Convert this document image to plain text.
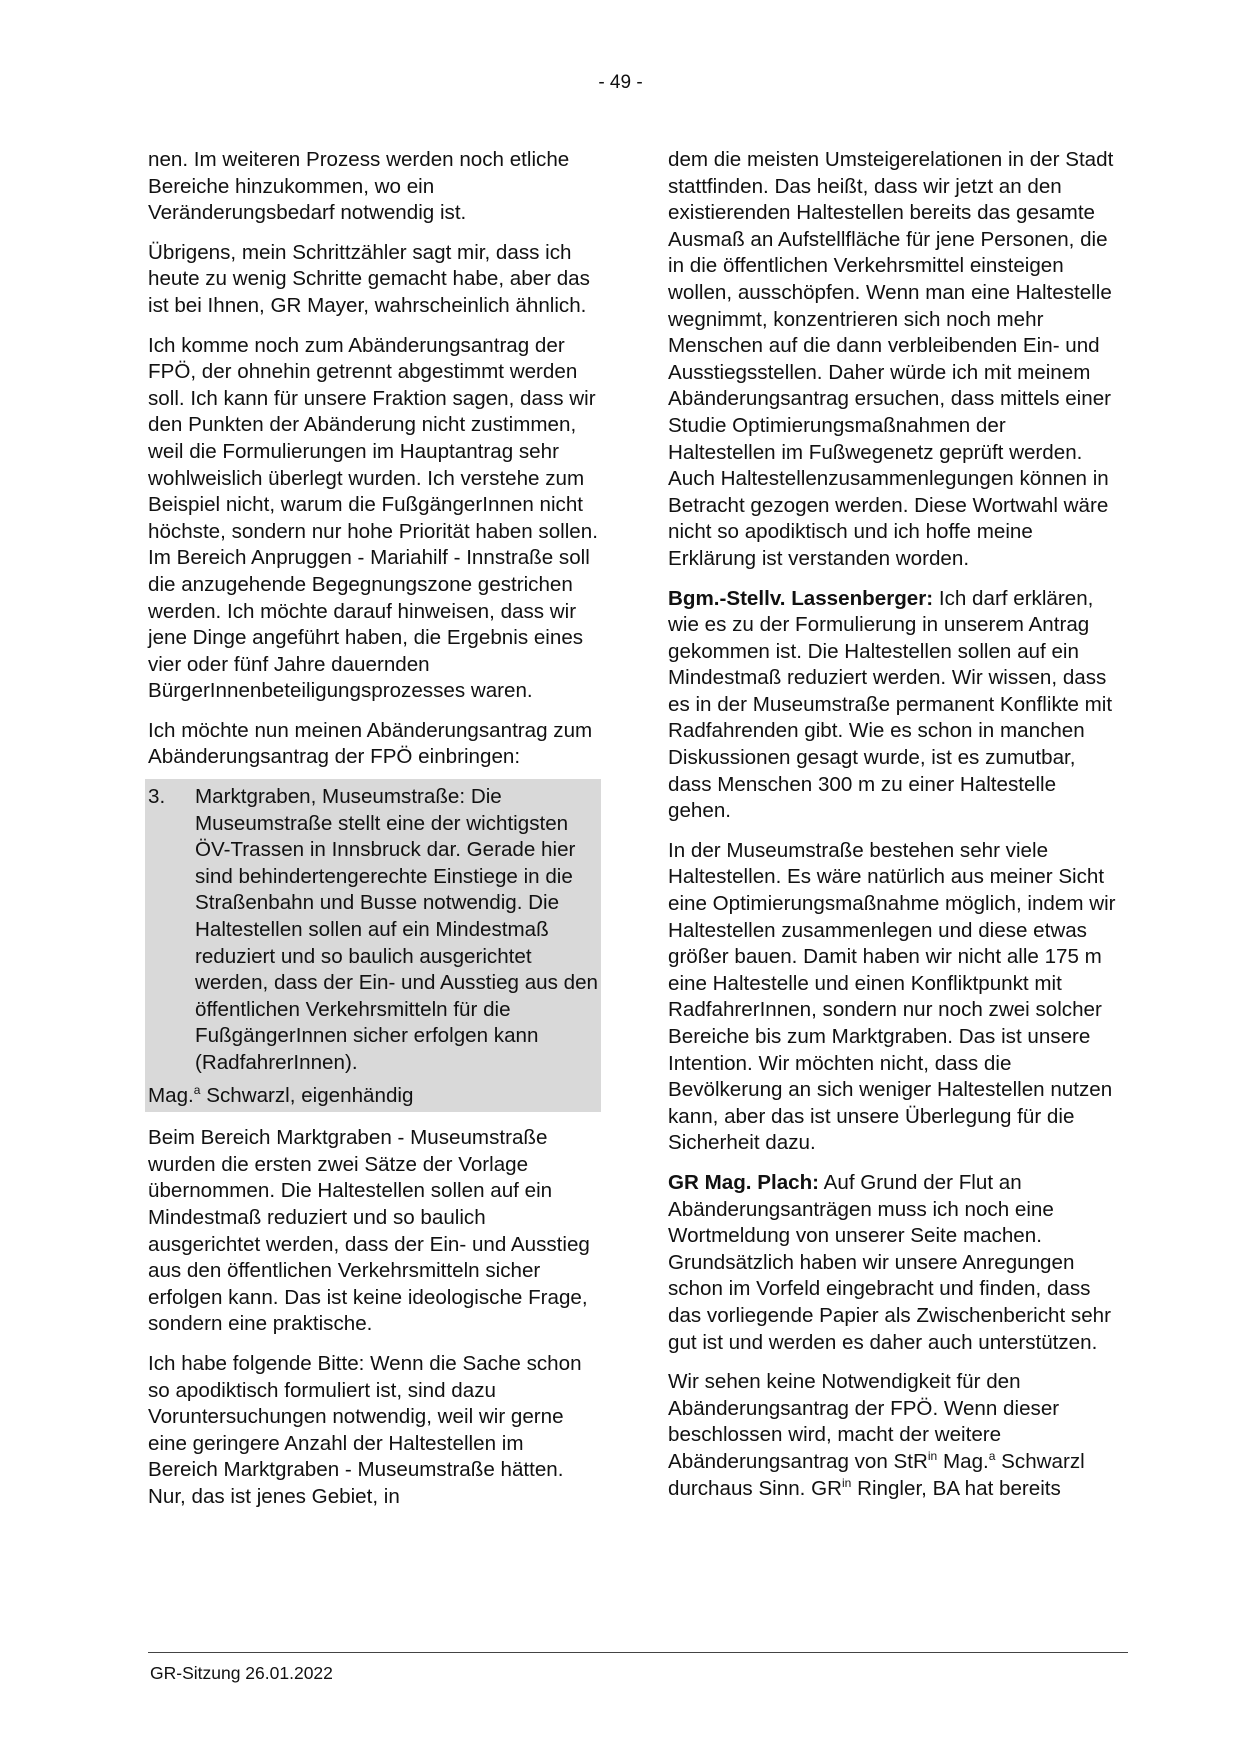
- 49 -

nen. Im weiteren Prozess werden noch etliche Bereiche hinzukommen, wo ein Veränderungsbedarf notwendig ist.

Übrigens, mein Schrittzähler sagt mir, dass ich heute zu wenig Schritte gemacht habe, aber das ist bei Ihnen, GR Mayer, wahrscheinlich ähnlich.

Ich komme noch zum Abänderungsantrag der FPÖ, der ohnehin getrennt abgestimmt werden soll. Ich kann für unsere Fraktion sagen, dass wir den Punkten der Abänderung nicht zustimmen, weil die Formulierungen im Hauptantrag sehr wohlweislich überlegt wurden. Ich verstehe zum Beispiel nicht, warum die FußgängerInnen nicht höchste, sondern nur hohe Priorität haben sollen. Im Bereich Anpruggen - Mariahilf - Innstraße soll die anzugehende Begegnungszone gestrichen werden. Ich möchte darauf hinweisen, dass wir jene Dinge angeführt haben, die Ergebnis eines vier oder fünf Jahre dauernden BürgerInnenbeteiligungsprozesses waren.

Ich möchte nun meinen Abänderungsantrag zum Abänderungsantrag der FPÖ einbringen:

3.	Marktgraben, Museumstraße: Die Museumstraße stellt eine der wichtigsten ÖV-Trassen in Innsbruck dar. Gerade hier sind behindertengerechte Einstiege in die Straßenbahn und Busse notwendig. Die Haltestellen sollen auf ein Mindestmaß reduziert und so baulich ausgerichtet werden, dass der Ein- und Ausstieg aus den öffentlichen Verkehrsmitteln für die FußgängerInnen sicher erfolgen kann (RadfahrerInnen).
Mag.$^a$ Schwarzl, eigenhändig

Beim Bereich Marktgraben - Museumstraße wurden die ersten zwei Sätze der Vorlage übernommen. Die Haltestellen sollen auf ein Mindestmaß reduziert und so baulich ausgerichtet werden, dass der Ein- und Ausstieg aus den öffentlichen Verkehrsmitteln sicher erfolgen kann. Das ist keine ideologische Frage, sondern eine praktische.

Ich habe folgende Bitte: Wenn die Sache schon so apodiktisch formuliert ist, sind dazu Voruntersuchungen notwendig, weil wir gerne eine geringere Anzahl der Haltestellen im Bereich Marktgraben - Museumstraße hätten. Nur, das ist jenes Gebiet, in

dem die meisten Umsteigerelationen in der Stadt stattfinden. Das heißt, dass wir jetzt an den existierenden Haltestellen bereits das gesamte Ausmaß an Aufstellfläche für jene Personen, die in die öffentlichen Verkehrsmittel einsteigen wollen, ausschöpfen. Wenn man eine Haltestelle wegnimmt, konzentrieren sich noch mehr Menschen auf die dann verbleibenden Ein- und Ausstiegsstellen. Daher würde ich mit meinem Abänderungsantrag ersuchen, dass mittels einer Studie Optimierungsmaßnahmen der Haltestellen im Fußwegenetz geprüft werden. Auch Haltestellenzusammenlegungen können in Betracht gezogen werden. Diese Wortwahl wäre nicht so apodiktisch und ich hoffe meine Erklärung ist verstanden worden.

Bgm.-Stellv. Lassenberger: Ich darf erklären, wie es zu der Formulierung in unserem Antrag gekommen ist. Die Haltestellen sollen auf ein Mindestmaß reduziert werden. Wir wissen, dass es in der Museumstraße permanent Konflikte mit Radfahrenden gibt. Wie es schon in manchen Diskussionen gesagt wurde, ist es zumutbar, dass Menschen 300 m zu einer Haltestelle gehen.

In der Museumstraße bestehen sehr viele Haltestellen. Es wäre natürlich aus meiner Sicht eine Optimierungsmaßnahme möglich, indem wir Haltestellen zusammenlegen und diese etwas größer bauen. Damit haben wir nicht alle 175 m eine Haltestelle und einen Konfliktpunkt mit RadfahrerInnen, sondern nur noch zwei solcher Bereiche bis zum Marktgraben. Das ist unsere Intention. Wir möchten nicht, dass die Bevölkerung an sich weniger Haltestellen nutzen kann, aber das ist unsere Überlegung für die Sicherheit dazu.

GR Mag. Plach: Auf Grund der Flut an Abänderungsanträgen muss ich noch eine Wortmeldung von unserer Seite machen. Grundsätzlich haben wir unsere Anregungen schon im Vorfeld eingebracht und finden, dass das vorliegende Papier als Zwischenbericht sehr gut ist und werden es daher auch unterstützen.

Wir sehen keine Notwendigkeit für den Abänderungsantrag der FPÖ. Wenn dieser beschlossen wird, macht der weitere Abänderungsantrag von StR$^{in}$ Mag.$^a$ Schwarzl durchaus Sinn. $GR^{in}$ Ringler, BA hat bereits

GR-Sitzung 26.01.2022
